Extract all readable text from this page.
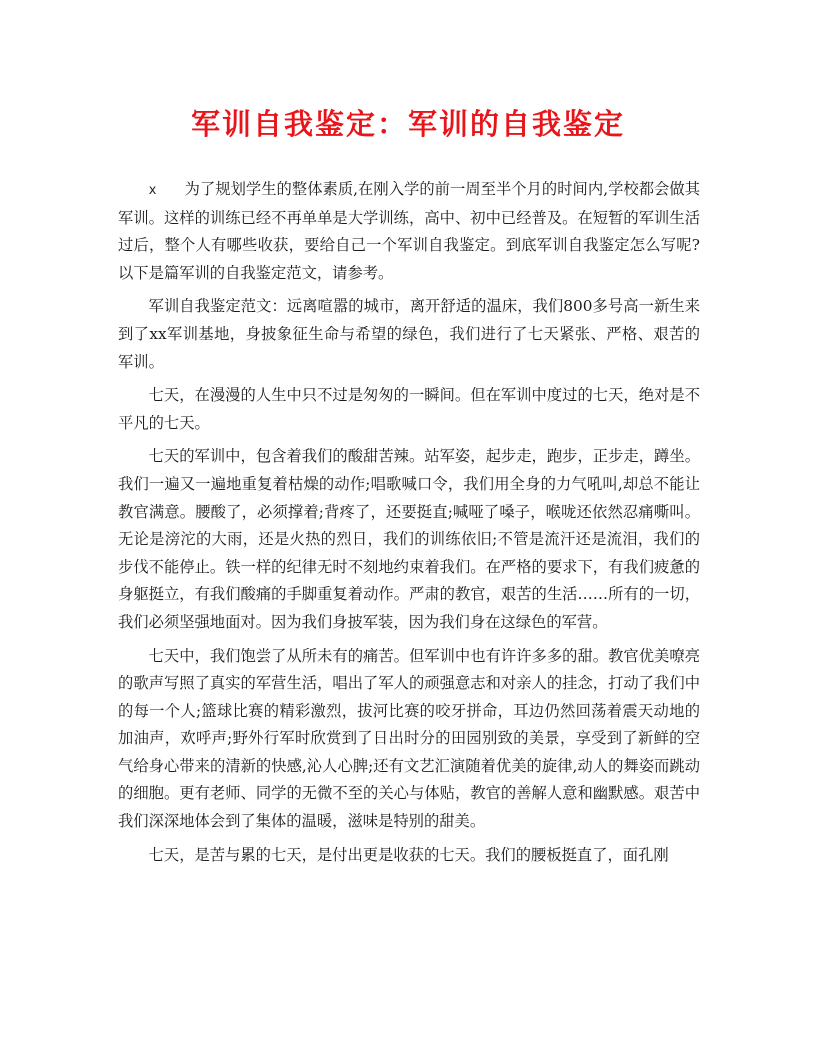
军训自我鉴定：军训的自我鉴定

x 为了规划学生的整体素质,在刚入学的前一周至半个月的时间内,学校都会做其军训。这样的训练已经不再单单是大学训练，高中、初中已经普及。在短暂的军训生活过后，整个人有哪些收获，要给自己一个军训自我鉴定。到底军训自我鉴定怎么写呢?以下是篇军训的自我鉴定范文，请参考。

军训自我鉴定范文：远离喧嚣的城市，离开舒适的温床，我们800多号高一新生来到了xx军训基地，身披象征生命与希望的绿色，我们进行了七天紧张、严格、艰苦的军训。

七天，在漫漫的人生中只不过是匆匆的一瞬间。但在军训中度过的七天，绝对是不平凡的七天。

七天的军训中，包含着我们的酸甜苦辣。站军姿，起步走，跑步，正步走，蹲坐。我们一遍又一遍地重复着枯燥的动作;唱歌喊口令，我们用全身的力气吼叫,却总不能让教官满意。腰酸了，必须撑着;背疼了，还要挺直;喊哑了嗓子，喉咙还依然忍痛嘶叫。无论是滂沱的大雨，还是火热的烈日，我们的训练依旧;不管是流汗还是流泪，我们的步伐不能停止。铁一样的纪律无时不刻地约束着我们。在严格的要求下，有我们疲惫的身躯挺立，有我们酸痛的手脚重复着动作。严肃的教官，艰苦的生活……所有的一切，我们必须坚强地面对。因为我们身披军装，因为我们身在这绿色的军营。

七天中，我们饱尝了从所未有的痛苦。但军训中也有许许多多的甜。教官优美嘹亮的歌声写照了真实的军营生活，唱出了军人的顽强意志和对亲人的挂念，打动了我们中的每一个人;篮球比赛的精彩激烈，拔河比赛的咬牙拼命，耳边仍然回荡着震天动地的加油声，欢呼声;野外行军时欣赏到了日出时分的田园别致的美景，享受到了新鲜的空气给身心带来的清新的快感,沁人心脾;还有文艺汇演随着优美的旋律,动人的舞姿而跳动的细胞。更有老师、同学的无微不至的关心与体贴，教官的善解人意和幽默感。艰苦中我们深深地体会到了集体的温暖，滋味是特别的甜美。

七天，是苦与累的七天，是付出更是收获的七天。我们的腰板挺直了，面孔刚
